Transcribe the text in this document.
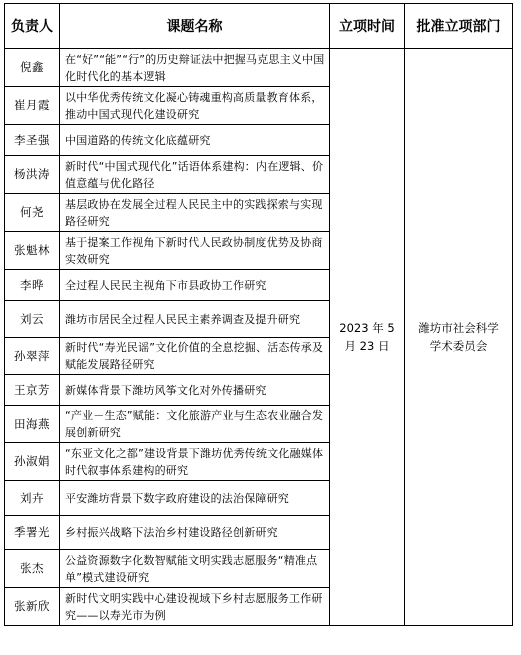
负责人	课题名称	立项时间	批准立项部门
倪鑫	在“好”“能”“行”的历史辩证法中把握马克思主义中国化时代化的基本逻辑	2023 年 5 月 23 日	潍坊市社会科学学术委员会
崔月霞	以中华优秀传统文化凝心铸魂重构高质量教育体系，推动中国式现代化建设研究		
李圣强	中国道路的传统文化底蕴研究		
杨洪涛	新时代“中国式现代化”话语体系建构：内在逻辑、价值意蕴与优化路径		
何尧	基层政协在发展全过程人民民主中的实践探索与实现路径研究		
张魁林	基于提案工作视角下新时代人民政协制度优势及协商实效研究		
李晔	全过程人民民主视角下市县政协工作研究		
刘云	潍坊市居民全过程人民民主素养调查及提升研究		
孙翠萍	新时代“寿光民谣”文化价值的全息挖掘、活态传承及赋能发展路径研究		
王京芳	新媒体背景下潍坊风筝文化对外传播研究		
田海燕	“产业－生态”赋能：文化旅游产业与生态农业融合发展创新研究		
孙淑娟	“东亚文化之都”建设背景下潍坊优秀传统文化融媒体时代叙事体系建构的研究		
刘卉	平安潍坊背景下数字政府建设的法治保障研究		
季署光	乡村振兴战略下法治乡村建设路径创新研究		
张杰	公益资源数字化数智赋能文明实践志愿服务“精准点单”模式建设研究		
张新欣	新时代文明实践中心建设视域下乡村志愿服务工作研究——以寿光市为例		
